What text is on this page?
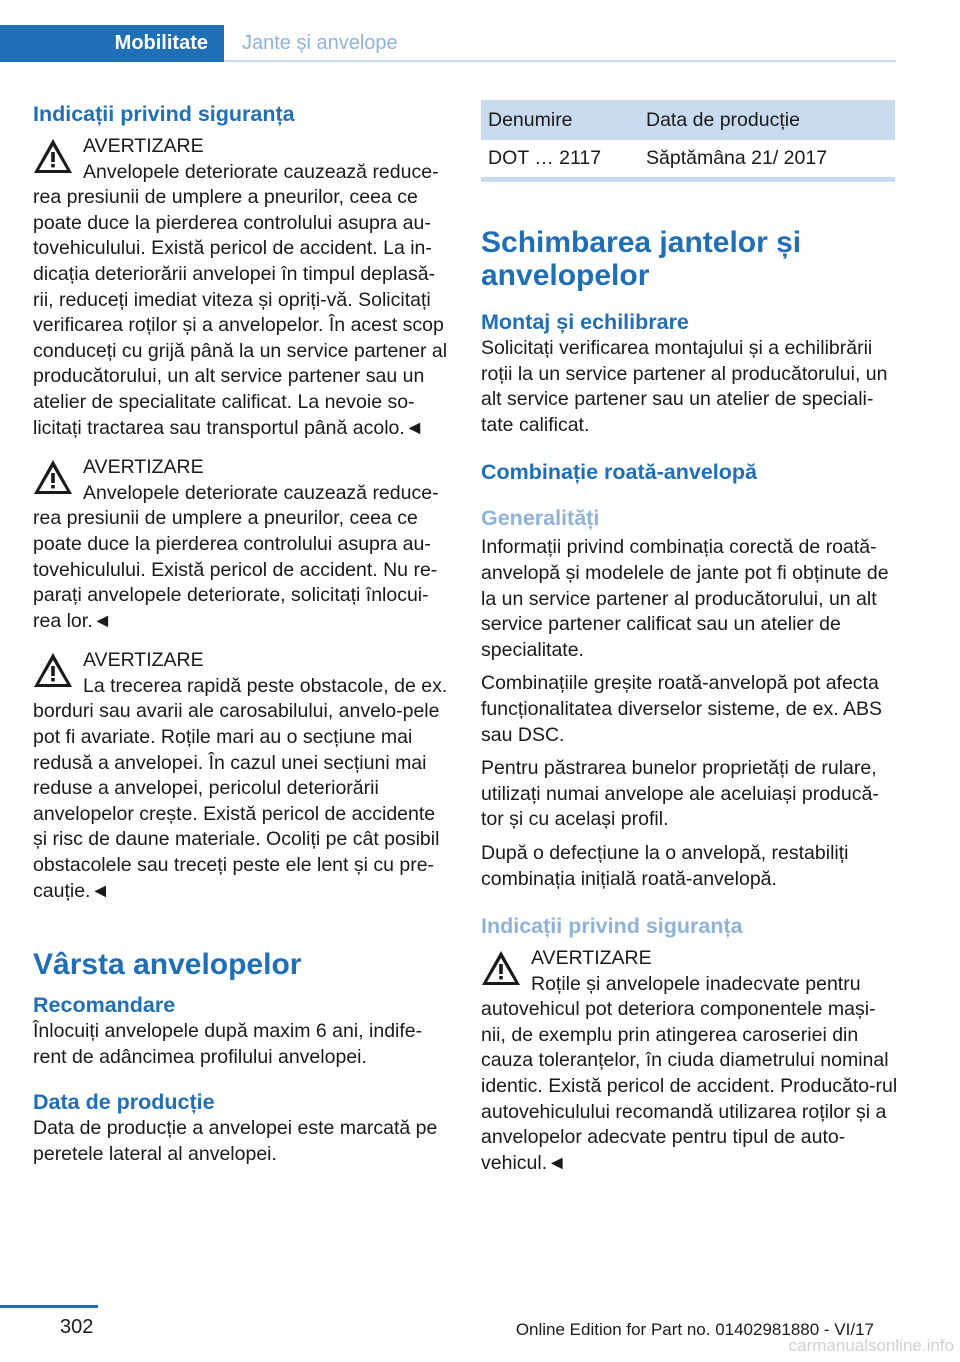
Mobilitate	Jante și anvelope
Indicații privind siguranța
AVERTIZARE
Anvelopele deteriorate cauzează reduce-rea presiunii de umplere a pneurilor, ceea ce poate duce la pierderea controlului asupra au-tovehiculului. Există pericol de accident. La in-dicația deteriorării anvelopei în timpul deplasă-rii, reduceți imediat viteza și opriți-vă. Solicitați verificarea roților și a anvelopelor. În acest scop conduceți cu grijă până la un service partener al producătorului, un alt service partener sau un atelier de specialitate calificat. La nevoie so-licitați tractarea sau transportul până acolo.◄
AVERTIZARE
Anvelopele deteriorate cauzează reduce-rea presiunii de umplere a pneurilor, ceea ce poate duce la pierderea controlului asupra au-tovehiculului. Există pericol de accident. Nu re-parați anvelopele deteriorate, solicitați înlocui-rea lor.◄
AVERTIZARE
La trecerea rapidă peste obstacole, de ex. borduri sau avarii ale carosabilului, anvelo-pele pot fi avariate. Roțile mari au o secțiune mai redusă a anvelopei. În cazul unei secțiuni mai reduse a anvelopei, pericolul deteriorării anvelopelor crește. Există pericol de accidente și risc de daune materiale. Ocoliți pe cât posibil obstacolele sau treceți peste ele lent și cu pre-cauție.◄
Vârsta anvelopelor
Recomandare

Înlocuiți anvelopele după maxim 6 ani, indife-rent de adâncimea profilului anvelopei.

Data de producție

Data de producție a anvelopei este marcată pe peretele lateral al anvelopei.

Denumire	Data de producție
DOT … 2117	Săptămâna 21/ 2017

Schimbarea jantelor și anvelopelor
Montaj și echilibrare

Solicitați verificarea montajului și a echilibrării roții la un service partener al producătorului, un alt service partener sau un atelier de speciali-tate calificat.

Combinație roată-anvelopă
Generalități

Informații privind combinația corectă de roată-anvelopă și modelele de jante pot fi obținute de la un service partener al producătorului, un alt service partener calificat sau un atelier de specialitate.

Combinațiile greșite roată-anvelopă pot afecta funcționalitatea diverselor sisteme, de ex. ABS sau DSC.

Pentru păstrarea bunelor proprietăți de rulare, utilizați numai anvelope ale aceluiași producă-tor și cu același profil.

După o defecțiune la o anvelopă, restabiliți combinația inițială roată-anvelopă.

Indicații privind siguranța
AVERTIZARE
Roțile și anvelopele inadecvate pentru autovehicul pot deteriora componentele mași-nii, de exemplu prin atingerea caroseriei din cauza toleranțelor, în ciuda diametrului nominal identic. Există pericol de accident. Producăto-rul autovehiculului recomandă utilizarea roților și a anvelopelor adecvate pentru tipul de auto-vehicul.◄
302	Online Edition for Part no. 01402981880 - VI/17
carmanualsonline.info
